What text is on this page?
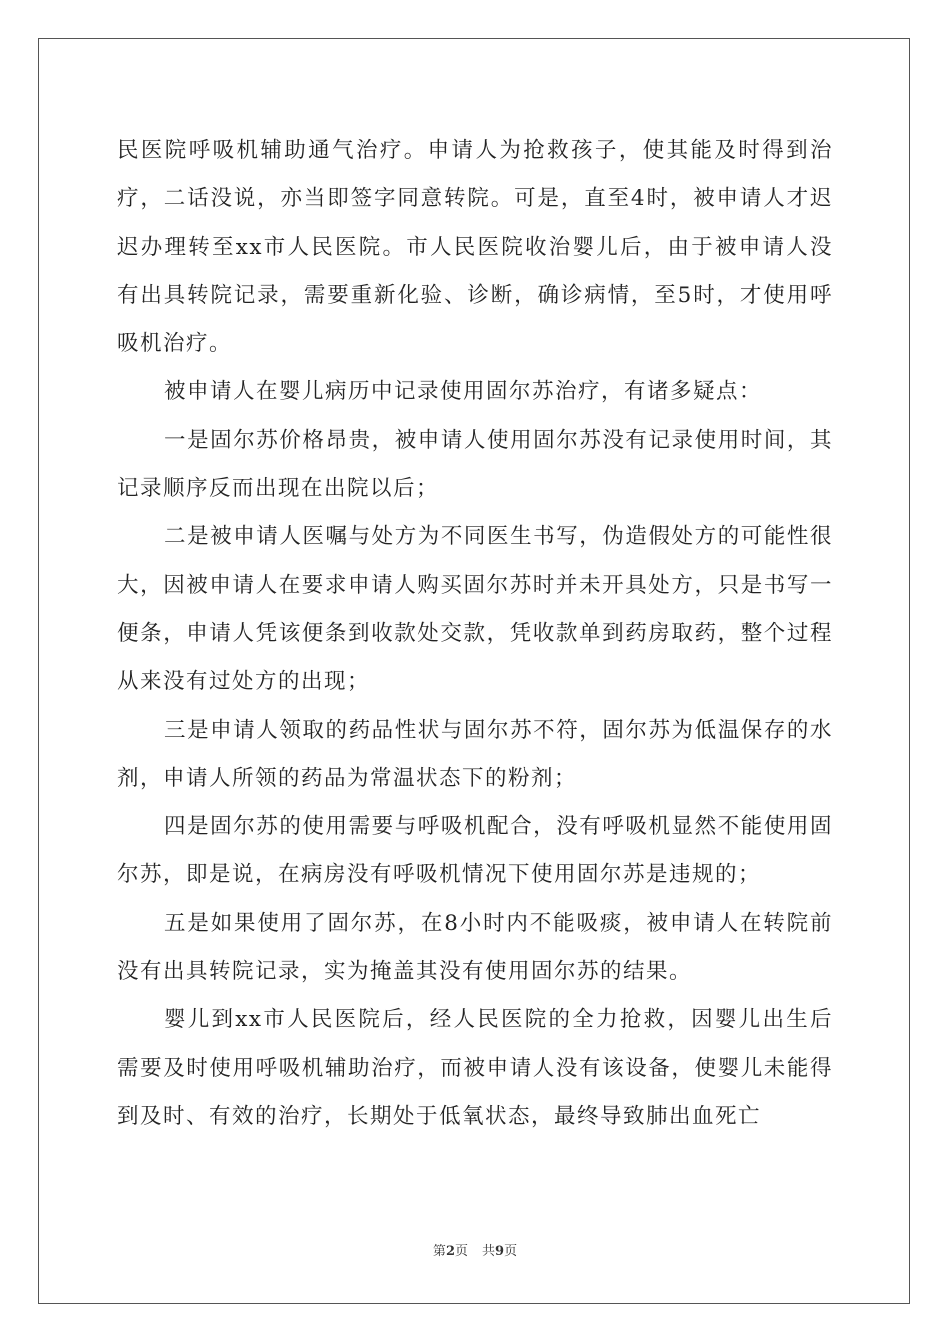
民医院呼吸机辅助通气治疗。申请人为抢救孩子，使其能及时得到治疗，二话没说，亦当即签字同意转院。可是，直至4时，被申请人才迟迟办理转至xx市人民医院。市人民医院收治婴儿后，由于被申请人没有出具转院记录，需要重新化验、诊断，确诊病情，至5时，才使用呼吸机治疗。

被申请人在婴儿病历中记录使用固尔苏治疗，有诸多疑点：

一是固尔苏价格昂贵，被申请人使用固尔苏没有记录使用时间，其记录顺序反而出现在出院以后；

二是被申请人医嘱与处方为不同医生书写，伪造假处方的可能性很大，因被申请人在要求申请人购买固尔苏时并未开具处方，只是书写一便条，申请人凭该便条到收款处交款，凭收款单到药房取药，整个过程从来没有过处方的出现；

三是申请人领取的药品性状与固尔苏不符，固尔苏为低温保存的水剂，申请人所领的药品为常温状态下的粉剂；

四是固尔苏的使用需要与呼吸机配合，没有呼吸机显然不能使用固尔苏，即是说，在病房没有呼吸机情况下使用固尔苏是违规的；

五是如果使用了固尔苏，在8小时内不能吸痰，被申请人在转院前没有出具转院记录，实为掩盖其没有使用固尔苏的结果。

婴儿到xx市人民医院后，经人民医院的全力抢救，因婴儿出生后需要及时使用呼吸机辅助治疗，而被申请人没有该设备，使婴儿未能得到及时、有效的治疗，长期处于低氧状态，最终导致肺出血死亡

第2页 共9页
